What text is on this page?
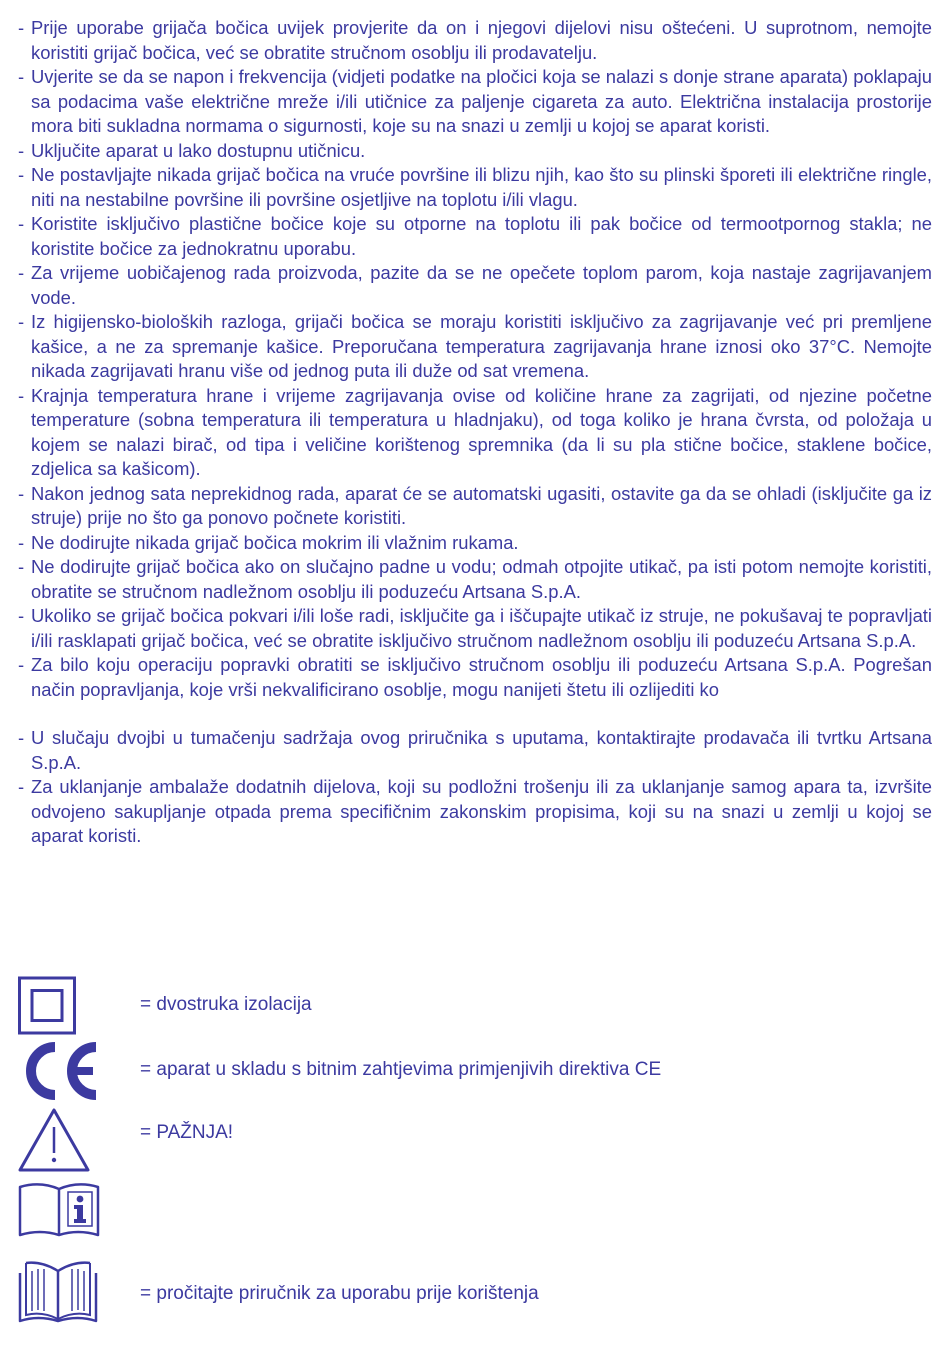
- Prije uporabe grijača bočica uvijek provjerite da on i njegovi dijelovi nisu oštećeni. U suprotnom, nemojte koristiti grijač bočica, već se obratite stručnom osoblju ili prodavatelju.
- Uvjerite se da se napon i frekvencija (vidjeti podatke na pločici koja se nalazi s donje strane aparata) poklapaju sa podacima vaše električne mreže i/ili utičnice za paljenje cigareta za auto. Električna instalacija prostorije mora biti sukladna normama o sigurnosti, koje su na snazi u zemlji u kojoj se aparat koristi.
- Uključite aparat u lako dostupnu utičnicu.
- Ne postavljajte nikada grijač bočica na vruće površine ili blizu njih, kao što su plinski šporeti ili električne ringle, niti na nestabilne površine ili površine osjetljive na toplotu i/ili vlagu.
- Koristite isključivo plastične bočice koje su otporne na toplotu ili pak bočice od termootpornog stakla; ne koristite bočice za jednokratnu uporabu.
- Za vrijeme uobičajenog rada proizvoda, pazite da se ne opečete toplom parom, koja nastaje zagrijavanjem vode.
- Iz higijensko-bioloških razloga, grijači bočica se moraju koristiti isključivo za zagrijavanje već pri premljene kašice, a ne za spremanje kašice. Preporučana temperatura zagrijavanja hrane iznosi oko 37°C. Nemojte nikada zagrijavati hranu više od jednog puta ili duže od sat vremena.
- Krajnja temperatura hrane i vrijeme zagrijavanja ovise od količine hrane za zagrijati, od njezine početne temperature (sobna temperatura ili temperatura u hladnjaku), od toga koliko je hrana čvrsta, od položaja u kojem se nalazi birač, od tipa i veličine korištenog spremnika (da li su pla stične bočice, staklene bočice, zdjelica sa kašicom).
- Nakon jednog sata neprekidnog rada, aparat će se automatski ugasiti, ostavite ga da se ohladi (isključite ga iz struje) prije no što ga ponovo počnete koristiti.
- Ne dodirujte nikada grijač bočica mokrim ili vlažnim rukama.
- Ne dodirujte grijač bočica ako on slučajno padne u vodu; odmah otpojite utikač, pa isti potom nemojte koristiti, obratite se stručnom nadležnom osoblju ili poduzeću Artsana S.p.A.
- Ukoliko se grijač bočica pokvari i/ili loše radi, isključite ga i iščupajte utikač iz struje, ne pokušavaj te popravljati i/ili rasklapati grijač bočica, već se obratite isključivo stručnom nadležnom osoblju ili poduzeću Artsana S.p.A.
- Za bilo koju operaciju popravki obratiti se isključivo stručnom osoblju ili poduzeću Artsana S.p.A. Pogrešan način popravljanja, koje vrši nekvalificirano osoblje, mogu nanijeti štetu ili ozlijediti ko
- U slučaju dvojbi u tumačenju sadržaja ovog priručnika s uputama, kontaktirajte prodavača ili tvrtku Artsana S.p.A.
- Za uklanjanje ambalaže dodatnih dijelova, koji su podložni trošenju ili za uklanjanje samog apara ta, izvršite odvojeno sakupljanje otpada prema specifičnim zakonskim propisima, koji su na snazi u zemlji u kojoj se aparat koristi.
= dvostruka izolacija
= aparat u skladu s bitnim zahtjevima primjenjivih direktiva CE
= PAŽNJA!
= pročitajte priručnik za uporabu prije korištenja
